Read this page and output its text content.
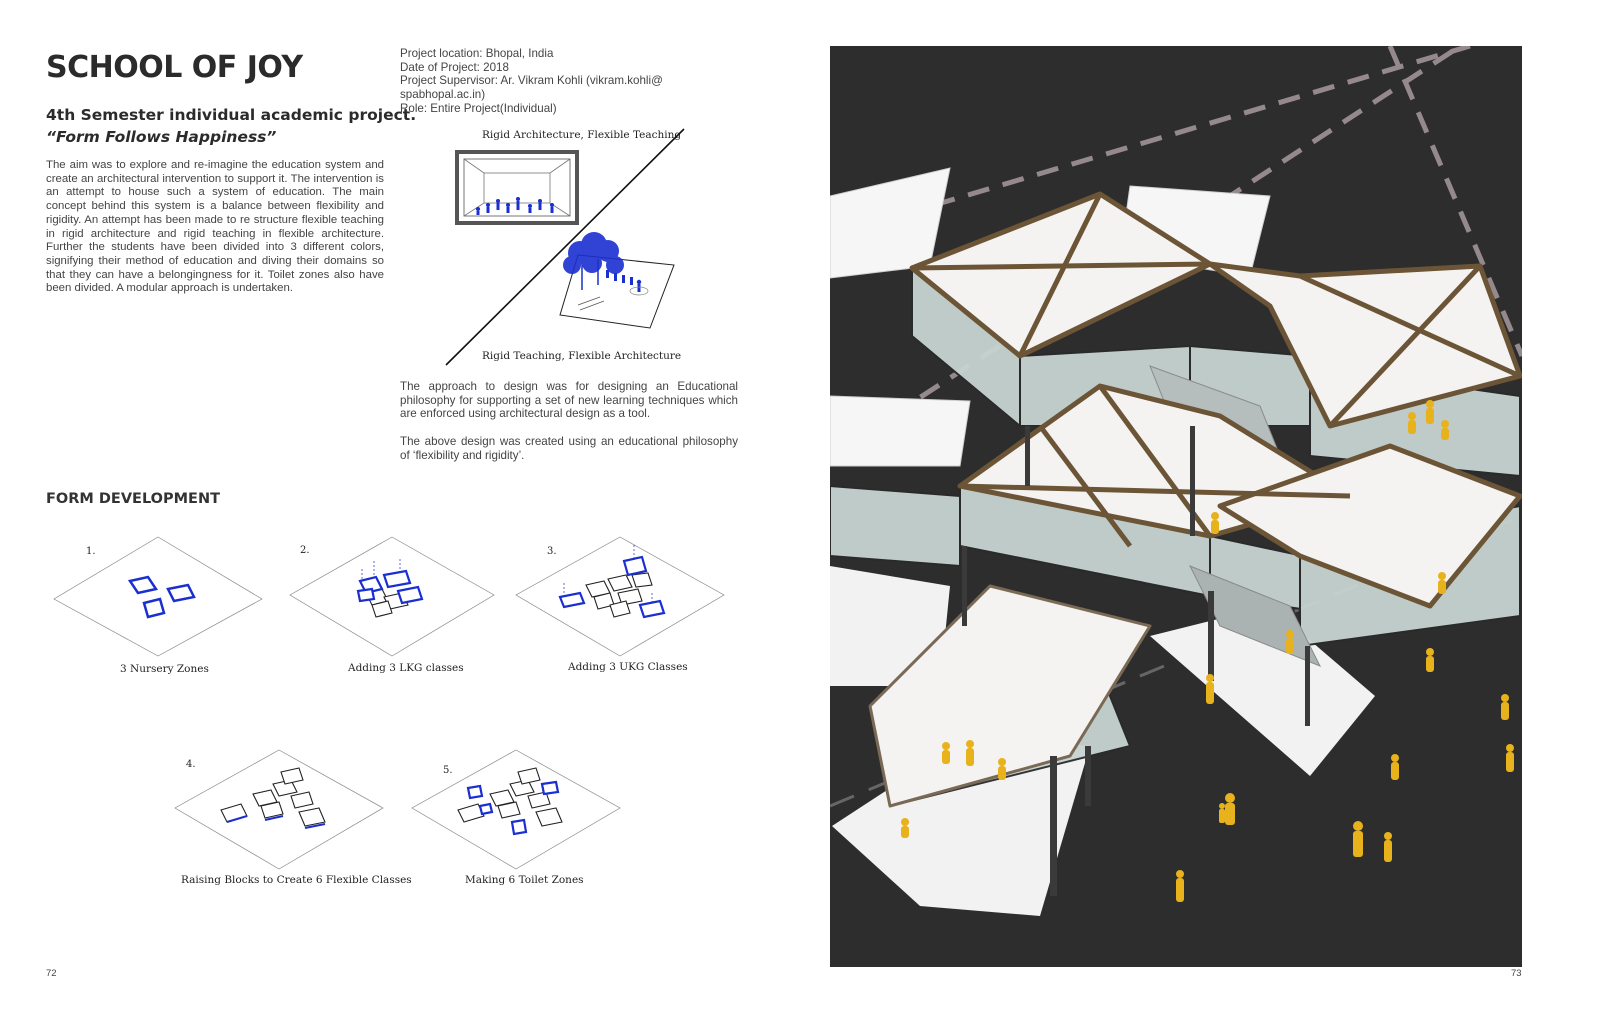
SCHOOL OF JOY
4th Semester individual academic project.
“Form Follows Happiness”
The aim was to explore and re-imagine the education system and create an architectural intervention to support it. The intervention is an attempt to house such a system of education. The main concept behind this system is a balance between flexibility and rigidity. An attempt has been made to re structure flexible teaching in rigid architecture and rigid teaching in flexible architecture. Further the students have been divided into 3 different colors, signifying their method of education and diving their domains so that they can have a belongingness for it. Toilet zones also have been divided. A modular approach is undertaken.
Project location: Bhopal, India
Date of Project: 2018
Project Supervisor: Ar. Vikram Kohli (vikram.kohli@
spabhopal.ac.in)
Role: Entire Project(Individual)
Rigid Architecture, Flexible Teaching
Rigid Teaching, Flexible Architecture

The approach to design was for designing an Educational philosophy for supporting a set of new learning techniques which are enforced using architectural design as a tool.

The above design was created using an educational philosophy of ‘flexibility and rigidity’.

FORM DEVELOPMENT
1.
3 Nursery Zones
2.
Adding 3 LKG classes
3.
Adding 3 UKG Classes
4.
Raising Blocks to Create 6 Flexible Classes
5.
Making 6 Toilet Zones
72	73
